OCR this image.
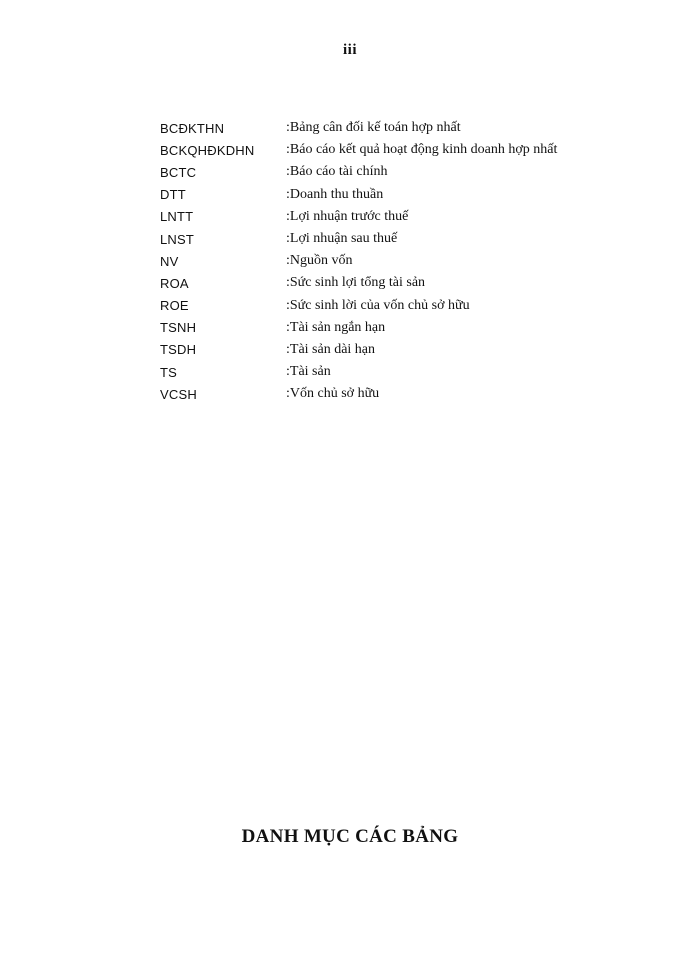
iii
BCĐKTHN	:Bảng cân đối kế toán hợp nhất
BCKQHĐKDHN	:Báo cáo kết quả hoạt động kinh doanh hợp nhất
BCTC	:Báo cáo tài chính
DTT	:Doanh thu thuần
LNTT	:Lợi nhuận trước thuế
LNST	:Lợi nhuận sau thuế
NV	:Nguồn vốn
ROA	:Sức sinh lợi tổng tài sản
ROE	:Sức sinh lời của vốn chủ sở hữu
TSNH	:Tài sản ngắn hạn
TSDH	:Tài sản dài hạn
TS	:Tài sản
VCSH	:Vốn chủ sở hữu
DANH MỤC CÁC BẢNG
